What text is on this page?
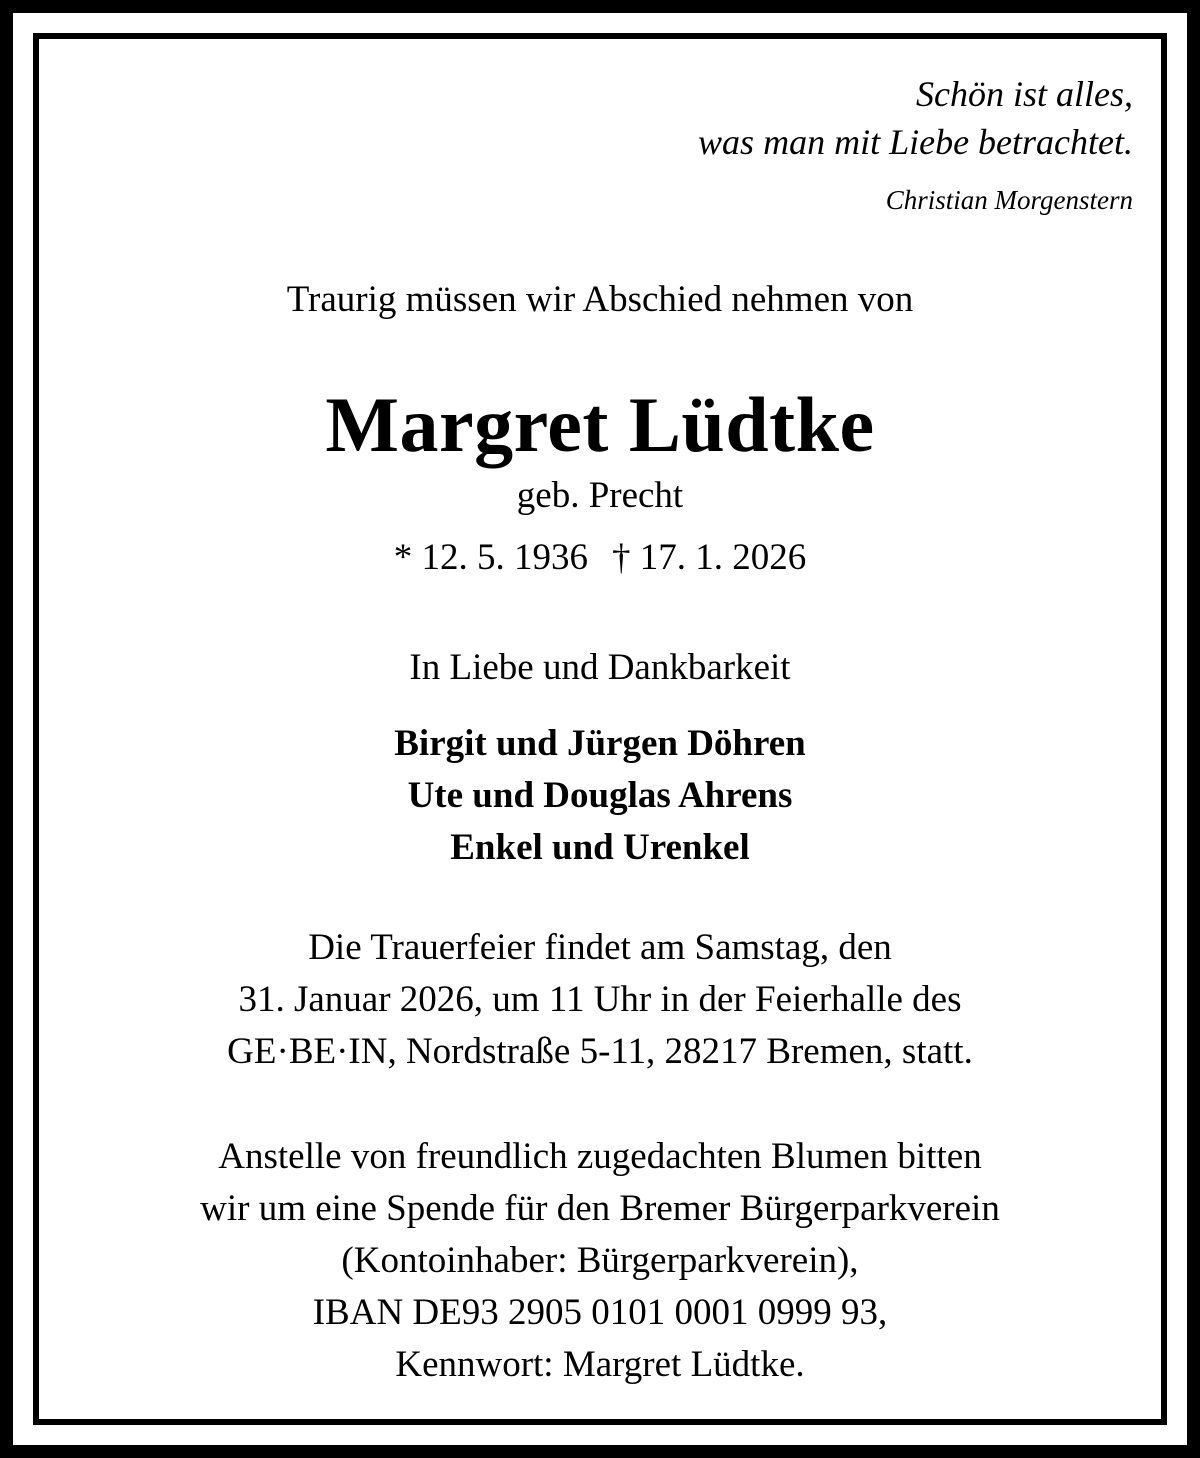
Schön ist alles,
was man mit Liebe betrachtet.
Christian Morgenstern
Traurig müssen wir Abschied nehmen von
Margret Lüdtke
geb. Precht
* 12. 5. 1936 † 17. 1. 2026
In Liebe und Dankbarkeit
Birgit und Jürgen Döhren
Ute und Douglas Ahrens
Enkel und Urenkel
Die Trauerfeier findet am Samstag, den
31. Januar 2026, um 11 Uhr in der Feierhalle des
GE·BE·IN, Nordstraße 5-11, 28217 Bremen, statt.
Anstelle von freundlich zugedachten Blumen bitten
wir um eine Spende für den Bremer Bürgerparkverein
(Kontoinhaber: Bürgerparkverein),
IBAN DE93 2905 0101 0001 0999 93,
Kennwort: Margret Lüdtke.
